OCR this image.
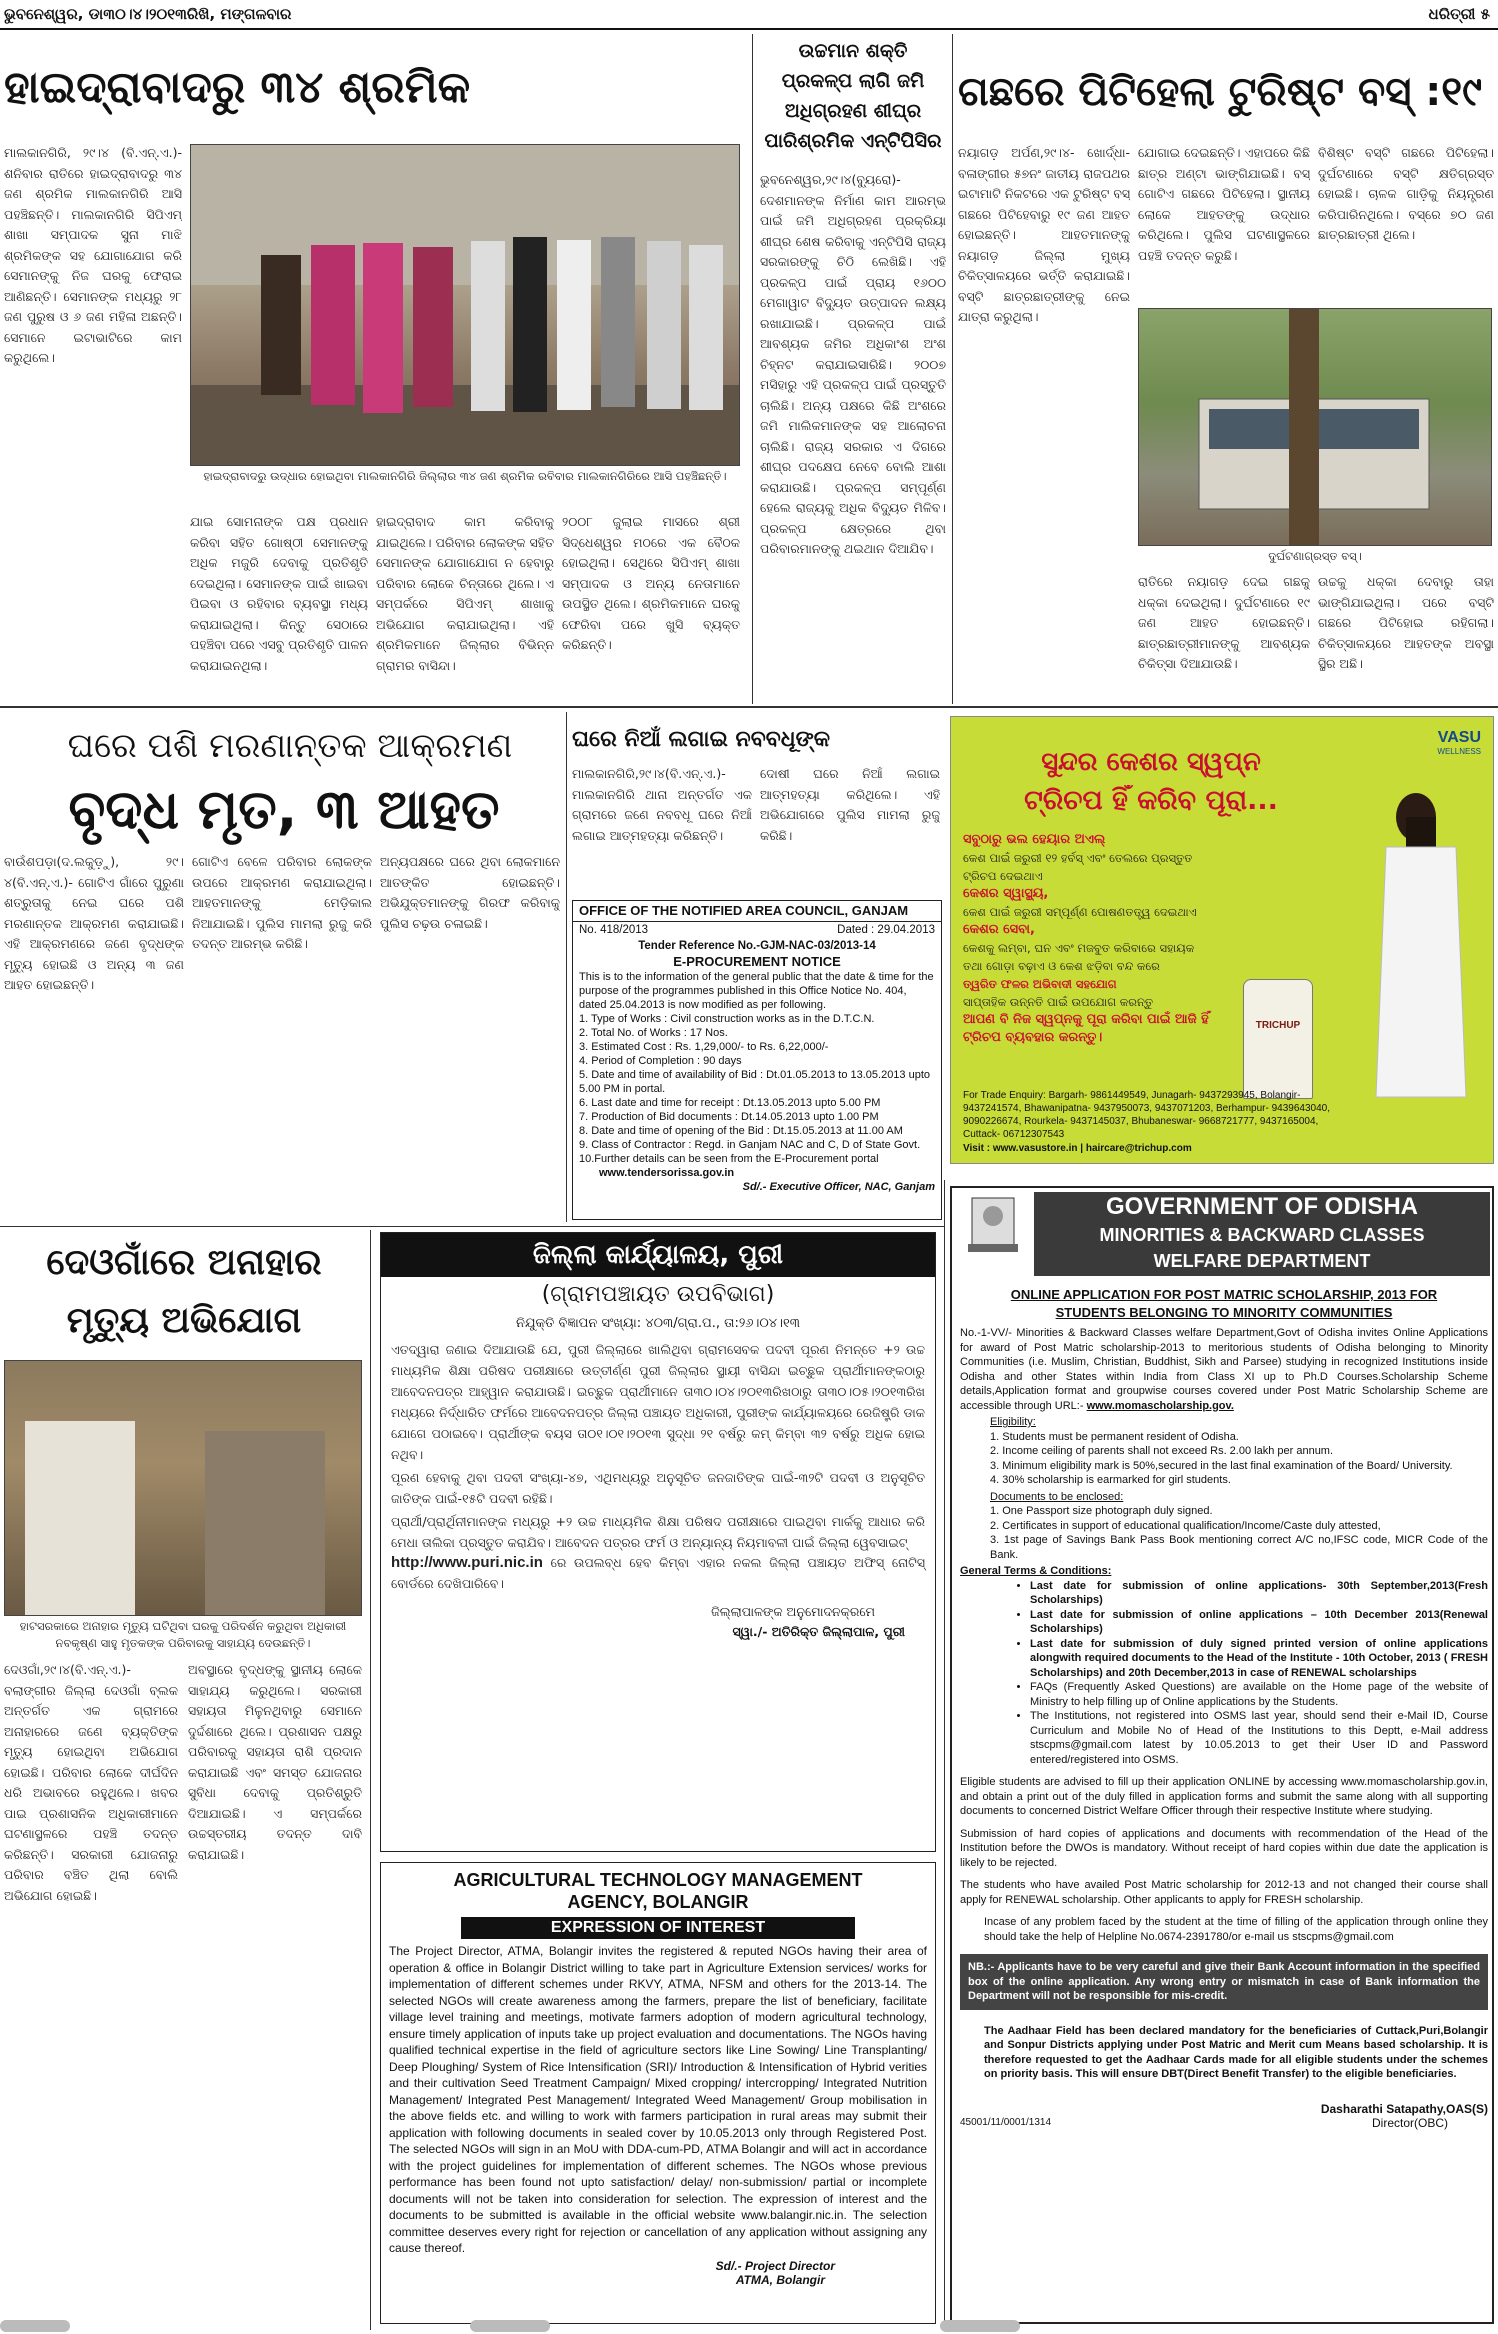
ଭୁବନେଶ୍ୱର, ଡା୩୦।୪।୨୦୧୩ରିଖି, ମଙ୍ଗଳବାର	ଧରିତ୍ରୀ ୫
ହାଇଦ୍ରାବାଦରୁ ୩୪ ଶ୍ରମିକ
ମାଲକାନଗିରି, ୨୯।୪ (ବି.ଏନ୍.ଏ.)- ଶନିବାର ରାତିରେ ହାଇଦ୍ରାବାଦରୁ ୩୪ ଜଣ ଶ୍ରମିକ ମାଲକାନଗିରି ଆସି ପହଞ୍ଚିଛନ୍ତି। ମାଲକାନଗିରି ସିପିଏମ୍ ଶାଖା ସମ୍ପାଦକ ସୁନା ମାଝି ଶ୍ରମିକଙ୍କ ସହ ଯୋଗାଯୋଗ କରି ସେମାନଙ୍କୁ ନିଜ ଘରକୁ ଫେରାଇ ଆଣିଛନ୍ତି। ସେମାନଙ୍କ ମଧ୍ୟରୁ ୨୮ ଜଣ ପୁରୁଷ ଓ ୬ ଜଣ ମହିଳା ଅଛନ୍ତି। ସେମାନେ ଇଟାଭାଟିରେ କାମ କରୁଥିଲେ।
ହାଇଦ୍ରାବାଦରୁ ଉଦ୍ଧାର ହୋଇଥିବା ମାଲକାନଗିରି ଜିଲ୍ଲାର ୩୪ ଜଣ ଶ୍ରମିକ ରବିବାର ମାଲକାନଗିରିରେ ଆସି ପହଞ୍ଚିଛନ୍ତି।
ଯାଇ ସୋମନାଙ୍କ ପକ୍ଷ ପ୍ରଧାନ କରିବା ସହିତ ଗୋଷ୍ଠୀ ସେମାନଙ୍କୁ ଅଧିକ ମଜୁରି ଦେବାକୁ ପ୍ରତିଶୃତି ଦେଇଥିଲା। ସେମାନଙ୍କ ପାଇଁ ଖାଇବା ପିଇବା ଓ ରହିବାର ବ୍ୟବସ୍ଥା ମଧ୍ୟ କରାଯାଇଥିଲା। କିନ୍ତୁ ସେଠାରେ ପହଞ୍ଚିବା ପରେ ଏସବୁ ପ୍ରତିଶୃତି ପାଳନ କରାଯାଇନଥିଲା।
ହାଇଦ୍ରାବାଦ କାମ କରିବାକୁ ଯାଇଥିଲେ। ପରିବାର ଲୋକଙ୍କ ସହିତ ସେମାନଙ୍କ ଯୋଗାଯୋଗ ନ ହେବାରୁ ପରିବାର ଲୋକେ ଚିନ୍ତାରେ ଥିଲେ। ଏ ସମ୍ପର୍କରେ ସିପିଏମ୍ ଶାଖାକୁ ଅଭିଯୋଗ କରାଯାଇଥିଲା। ଏହି ଶ୍ରମିକମାନେ ଜିଲ୍ଲାର ବିଭିନ୍ନ ଗ୍ରାମର ବାସିନ୍ଦା।
୨୦୦୮ ଜୁଲାଇ ମାସରେ ଶ୍ରୀ ସିଦ୍ଧେଶ୍ୱର ମଠରେ ଏକ ବୈଠକ ହୋଇଥିଲା। ସେଥିରେ ସିପିଏମ୍ ଶାଖା ସମ୍ପାଦକ ଓ ଅନ୍ୟ ନେତାମାନେ ଉପସ୍ଥିତ ଥିଲେ। ଶ୍ରମିକମାନେ ଘରକୁ ଫେରିବା ପରେ ଖୁସି ବ୍ୟକ୍ତ କରିଛନ୍ତି।
ଉଚ୍ଚମାନ ଶକ୍ତି ପ୍ରକଳ୍ପ ଲାଗି ଜମି ଅଧିଗ୍ରହଣ ଶୀଘ୍ର ପାରିଶ୍ରମିକ ଏନ୍ଟିପିସିର
ଭୁବନେଶ୍ୱର,୨୯।୪(ବ୍ୟୁରୋ)- ଦେଶମାନଙ୍କ ନିର୍ମାଣ କାମ ଆରମ୍ଭ ପାଇଁ ଜମି ଅଧିଗ୍ରହଣ ପ୍ରକ୍ରିୟା ଶୀଘ୍ର ଶେଷ କରିବାକୁ ଏନ୍ଟିପିସି ରାଜ୍ୟ ସରକାରଙ୍କୁ ଚିଠି ଲେଖିଛି। ଏହି ପ୍ରକଳ୍ପ ପାଇଁ ପ୍ରାୟ ୧୬୦୦ ମେଗାୱାଟ ବିଦ୍ୟୁତ ଉତ୍ପାଦନ ଲକ୍ଷ୍ୟ ରଖାଯାଇଛି। ପ୍ରକଳ୍ପ ପାଇଁ ଆବଶ୍ୟକ ଜମିର ଅଧିକାଂଶ ଅଂଶ ଚିହ୍ନଟ କରାଯାଇସାରିଛି। ୨୦୦୭ ମସିହାରୁ ଏହି ପ୍ରକଳ୍ପ ପାଇଁ ପ୍ରସ୍ତୁତି ଚାଲିଛି। ଅନ୍ୟ ପକ୍ଷରେ କିଛି ଅଂଶରେ ଜମି ମାଲିକମାନଙ୍କ ସହ ଆଲୋଚନା ଚାଲିଛି। ରାଜ୍ୟ ସରକାର ଏ ଦିଗରେ ଶୀଘ୍ର ପଦକ୍ଷେପ ନେବେ ବୋଲି ଆଶା କରାଯାଉଛି। ପ୍ରକଳ୍ପ ସମ୍ପୂର୍ଣ୍ଣ ହେଲେ ରାଜ୍ୟକୁ ଅଧିକ ବିଦ୍ୟୁତ ମିଳିବ। ପ୍ରକଳ୍ପ କ୍ଷେତ୍ରରେ ଥିବା ପରିବାରମାନଙ୍କୁ ଥଇଥାନ ଦିଆଯିବ।
ଗଛରେ ପିଟିହେଲା ଟୁରିଷ୍ଟ ବସ୍ :୧୯
ନୟାଗଡ଼ ଅର୍ପଣ,୨୯।୪- ଖୋର୍ଦ୍ଧା-ବଳାଙ୍ଗୀର ୫୭ନଂ ଜାତୀୟ ରାଜପଥର ଇଟାମାଟି ନିକଟରେ ଏକ ଟୁରିଷ୍ଟ ବସ୍ ଗଛରେ ପିଟିହେବାରୁ ୧୯ ଜଣ ଆହତ ହୋଇଛନ୍ତି। ଆହତମାନଙ୍କୁ ନୟାଗଡ଼ ଜିଲ୍ଲା ମୁଖ୍ୟ ଚିକିତ୍ସାଳୟରେ ଭର୍ତ୍ତି କରାଯାଇଛି। ବସ୍ଟି ଛାତ୍ରଛାତ୍ରୀଙ୍କୁ ନେଇ ଯାତ୍ରା କରୁଥିଲା।
ଯୋଗାଇ ଦେଇଛନ୍ତି। ଏହାପରେ କିଛି ଛାତ୍ର ଅଣ୍ଟା ଭାଙ୍ଗିଯାଇଛି। ବସ୍ ଗୋଟିଏ ଗଛରେ ପିଟିହେଲା। ସ୍ଥାନୀୟ ଲୋକେ ଆହତଙ୍କୁ ଉଦ୍ଧାର କରିଥିଲେ। ପୁଲିସ ଘଟଣାସ୍ଥଳରେ ପହଞ୍ଚି ତଦନ୍ତ କରୁଛି।
ବିଶିଷ୍ଟ ବସ୍ଟି ଗଛରେ ପିଟିହେଲା। ଦୁର୍ଘଟଣାରେ ବସ୍ଟି କ୍ଷତିଗ୍ରସ୍ତ ହୋଇଛି। ଚାଳକ ଗାଡ଼ିକୁ ନିୟନ୍ତ୍ରଣ କରିପାରିନଥିଲେ। ବସ୍ରେ ୭୦ ଜଣ ଛାତ୍ରଛାତ୍ରୀ ଥିଲେ।
ଦୁର୍ଘଟଣାଗ୍ରସ୍ତ ବସ୍।
ରାତିରେ ନୟାଗଡ଼ ଦେଇ ଗଛକୁ ଧକ୍କା ଦେଇଥିଲା। ଦୁର୍ଘଟଣାରେ ୧୯ ଜଣ ଆହତ ହୋଇଛନ୍ତି। ଛାତ୍ରଛାତ୍ରୀମାନଙ୍କୁ ଆବଶ୍ୟକ ଚିକିତ୍ସା ଦିଆଯାଉଛି।
ଉଚ୍ଚକୁ ଧକ୍କା ଦେବାରୁ ତାହା ଭାଙ୍ଗିଯାଇଥିଲା। ପରେ ବସ୍ଟି ଗଛରେ ପିଟିହୋଇ ରହିଗଲା। ଚିକିତ୍ସାଳୟରେ ଆହତଙ୍କ ଅବସ୍ଥା ସ୍ଥିର ଅଛି।
ଘରେ ପଶି ମରଣାନ୍ତକ ଆକ୍ରମଣ
ବୃଦ୍ଧ ମୃତ, ୩ ଆହତ
ବାଉଁଶପଡ଼ା(ଦ.ଲକୁଡ଼ୁ), ୨୯।୪(ବି.ଏନ୍.ଏ.)- ଗୋଟିଏ ଗାଁରେ ପୁରୁଣା ଶତ୍ରୁତାକୁ ନେଇ ଘରେ ପଶି ମରଣାନ୍ତକ ଆକ୍ରମଣ କରାଯାଇଛି। ଏହି ଆକ୍ରମଣରେ ଜଣେ ବୃଦ୍ଧଙ୍କ ମୃତ୍ୟୁ ହୋଇଛି ଓ ଅନ୍ୟ ୩ ଜଣ ଆହତ ହୋଇଛନ୍ତି।
ଗୋଟିଏ ବେଳେ ପରିବାର ଲୋକଙ୍କ ଉପରେ ଆକ୍ରମଣ କରାଯାଇଥିଲା। ଆହତମାନଙ୍କୁ ମେଡ଼ିକାଲ ନିଆଯାଇଛି। ପୁଲିସ ମାମଲା ରୁଜୁ କରି ତଦନ୍ତ ଆରମ୍ଭ କରିଛି।
ଅନ୍ୟପକ୍ଷରେ ଘରେ ଥିବା ଲୋକମାନେ ଆତଙ୍କିତ ହୋଇଛନ୍ତି। ଅଭିଯୁକ୍ତମାନଙ୍କୁ ଗିରଫ କରିବାକୁ ପୁଲିସ ଚଢ଼ଉ ଚଳାଇଛି।
ଘରେ ନିଆଁ ଲଗାଇ ନବବଧୂଙ୍କ
ମାଲକାନଗିରି,୨୯।୪(ବି.ଏନ୍.ଏ.)- ମାଲକାନଗିରି ଥାନା ଅନ୍ତର୍ଗତ ଏକ ଗ୍ରାମରେ ଜଣେ ନବବଧୂ ଘରେ ନିଆଁ ଲଗାଇ ଆତ୍ମହତ୍ୟା କରିଛନ୍ତି।
ଦୋଷୀ ଘରେ ନିଆଁ ଲଗାଇ ଆତ୍ମହତ୍ୟା କରିଥିଲେ। ଏହି ଅଭିଯୋଗରେ ପୁଲିସ ମାମଲା ରୁଜୁ କରିଛି।
OFFICE OF THE NOTIFIED AREA COUNCIL, GANJAM
No. 418/2013	Dated : 29.04.2013
Tender Reference No.-GJM-NAC-03/2013-14
E-PROCUREMENT NOTICE
This is to the information of the general public that the date & time for the purpose of the programmes published in this Office Notice No. 404, dated 25.04.2013 is now modified as per following.
1. Type of Works : Civil construction works as in the D.T.C.N.
2. Total No. of Works : 17 Nos.
3. Estimated Cost : Rs. 1,29,000/- to Rs. 6,22,000/-
4. Period of Completion : 90 days
5. Date and time of availability of Bid : Dt.01.05.2013 to 13.05.2013 upto 5.00 PM in portal.
6. Last date and time for receipt : Dt.13.05.2013 upto 5.00 PM
7. Production of Bid documents : Dt.14.05.2013 upto 1.00 PM
8. Date and time of opening of the Bid : Dt.15.05.2013 at 11.00 AM
9. Class of Contractor : Regd. in Ganjam NAC and C, D of State Govt.
10.Further details can be seen from the E-Procurement portal
www.tendersorissa.gov.in
Sd/.- Executive Officer, NAC, Ganjam
VASU
WELLNESS
ସୁନ୍ଦର କେଶର ସ୍ୱପ୍ନ
ଟ୍ରିଚପ ହିଁ କରିବ ପୂରା...
ସବୁଠାରୁ ଭଲ ହେୟାର ଅଏଲ୍
କେଶ ପାଇଁ ଜରୁରୀ ୧୨ ହର୍ବସ୍ ଏବଂ ତେଲରେ ପ୍ରସ୍ତୁତ
ଟ୍ରିଚପ ଦେଇଥାଏ
କେଶର ସ୍ୱାସ୍ଥ୍ୟ,
କେଶ ପାଇଁ ଜରୁରୀ ସମ୍ପୂର୍ଣ୍ଣ ପୋଷଣତତ୍ତ୍ୱ ଦେଇଥାଏ
କେଶର ସେବା,
କେଶକୁ ଲମ୍ବା, ଘନ ଏବଂ ମଜବୁତ କରିବାରେ ସହାୟକ
ତଥା ଗୋଡ଼ା ବଢ଼ାଏ ଓ କେଶ ଝଡ଼ିବା ବନ୍ଦ କରେ
ତ୍ୱରିତ ଫଳର ଅଭିବାଦୀ ସହଯୋଗ
ସାପ୍ତାହିକ ଉନ୍ନତି ପାଇଁ ଉପଯୋଗ କରନ୍ତୁ
ଆପଣ ବି ନିଜ ସ୍ୱପ୍ନକୁ ପୂରା କରିବା ପାଇଁ ଆଜି ହିଁ
ଟ୍ରିଚପ ବ୍ୟବହାର କରନ୍ତୁ।
TRICHUP
For Trade Enquiry: Bargarh- 9861449549, Junagarh- 9437293945, Bolangir- 9437241574, Bhawanipatna- 9437950073, 9437071203, Berhampur- 9439643040, 9090226674, Rourkela- 9437145037, Bhubaneswar- 9668721777, 9437165004, Cuttack- 06712307543
Visit : www.vasustore.in | haircare@trichup.com
ଦେଓଗାଁରେ ଅନାହାର ମୃତ୍ୟୁ ଅଭିଯୋଗ
ହାଟସରକାରେ ଅନାହାର ମୃତ୍ୟୁ ଘଟିଥିବା ଘରକୁ ପରିଦର୍ଶନ କରୁଥିବା ଅଧିକାରୀ ନବକୃଷ୍ଣ ସାହୁ ମୃତକଙ୍କ ପରିବାରକୁ ସାହାଯ୍ୟ ଦେଉଛନ୍ତି।
ଦେଓଗାଁ,୨୯।୪(ବି.ଏନ୍.ଏ.)- ବଲାଙ୍ଗୀର ଜିଲ୍ଲା ଦେଓଗାଁ ବ୍ଲକ ଅନ୍ତର୍ଗତ ଏକ ଗ୍ରାମରେ ଅନାହାରରେ ଜଣେ ବ୍ୟକ୍ତିଙ୍କ ମୃତ୍ୟୁ ହୋଇଥିବା ଅଭିଯୋଗ ହୋଇଛି। ପରିବାର ଲୋକେ ଦୀର୍ଘଦିନ ଧରି ଅଭାବରେ ରହୁଥିଲେ। ଖବର ପାଇ ପ୍ରଶାସନିକ ଅଧିକାରୀମାନେ ଘଟଣାସ୍ଥଳରେ ପହଞ୍ଚି ତଦନ୍ତ କରିଛନ୍ତି। ସରକାରୀ ଯୋଜନାରୁ ପରିବାର ବଞ୍ଚିତ ଥିଲା ବୋଲି ଅଭିଯୋଗ ହୋଇଛି।
ଅବସ୍ଥାରେ ବୃଦ୍ଧଙ୍କୁ ସ୍ଥାନୀୟ ଲୋକେ ସାହାଯ୍ୟ କରୁଥିଲେ। ସରକାରୀ ସହାୟତା ମିଳୁନଥିବାରୁ ସେମାନେ ଦୁର୍ଦ୍ଦଶାରେ ଥିଲେ। ପ୍ରଶାସନ ପକ୍ଷରୁ ପରିବାରକୁ ସହାୟତା ରାଶି ପ୍ରଦାନ କରାଯାଇଛି ଏବଂ ସମସ୍ତ ଯୋଜନାର ସୁବିଧା ଦେବାକୁ ପ୍ରତିଶ୍ରୁତି ଦିଆଯାଇଛି। ଏ ସମ୍ପର୍କରେ ଉଚ୍ଚସ୍ତରୀୟ ତଦନ୍ତ ଦାବି କରାଯାଇଛି।
ଜିଲ୍ଲା କାର୍ଯ୍ୟାଳୟ, ପୁରୀ
(ଗ୍ରାମପଞ୍ଚାୟତ ଉପବିଭାଗ)
ନିଯୁକ୍ତି ବିଜ୍ଞାପନ ସଂଖ୍ୟା: ୪୦୩/ଗ୍ରା.ପ., ତା:୨୬।୦୪।୧୩
ଏତଦ୍ୱାରା ଜଣାଇ ଦିଆଯାଉଛି ଯେ, ପୁରୀ ଜିଲ୍ଲାରେ ଖାଲିଥିବା ଗ୍ରାମସେବକ ପଦବୀ ପୂରଣ ନିମନ୍ତେ +୨ ଉଚ୍ଚ ମାଧ୍ୟମିକ ଶିକ୍ଷା ପରିଷଦ ପରୀକ୍ଷାରେ ଉତ୍ତୀର୍ଣ୍ଣ ପୁରୀ ଜିଲ୍ଲାର ସ୍ଥାୟୀ ବାସିନ୍ଦା ଇଚ୍ଛୁକ ପ୍ରାର୍ଥୀମାନଙ୍କଠାରୁ ଆବେଦନପତ୍ର ଆହ୍ୱାନ କରାଯାଉଛି। ଇଚ୍ଛୁକ ପ୍ରାର୍ଥୀମାନେ ତା୩୦।୦୪।୨୦୧୩ରିଖଠାରୁ ତା୩୦।୦୫।୨୦୧୩ରିଖ ମଧ୍ୟରେ ନିର୍ଦ୍ଧାରିତ ଫର୍ମରେ ଆବେଦନପତ୍ର ଜିଲ୍ଲା ପଞ୍ଚାୟତ ଅଧିକାରୀ, ପୁରୀଙ୍କ କାର୍ଯ୍ୟାଳୟରେ ରେଜିଷ୍ଟ୍ରି ଡାକ ଯୋଗେ ପଠାଇବେ। ପ୍ରାର୍ଥୀଙ୍କ ବୟସ ତା୦୧।୦୧।୨୦୧୩ ସୁଦ୍ଧା ୨୧ ବର୍ଷରୁ କମ୍ କିମ୍ବା ୩୨ ବର୍ଷରୁ ଅଧିକ ହୋଇ ନଥିବ।
ପୂରଣ ହେବାକୁ ଥିବା ପଦବୀ ସଂଖ୍ୟା-୪୭, ଏଥିମଧ୍ୟରୁ ଅନୁସୂଚିତ ଜନଜାତିଙ୍କ ପାଇଁ-୩୨ଟି ପଦବୀ ଓ ଅନୁସୂଚିତ ଜାତିଙ୍କ ପାଇଁ-୧୫ଟି ପଦବୀ ରହିଛି।
ପ୍ରାର୍ଥୀ/ପ୍ରାର୍ଥିନୀମାନଙ୍କ ମଧ୍ୟରୁ +୨ ଉଚ୍ଚ ମାଧ୍ୟମିକ ଶିକ୍ଷା ପରିଷଦ ପରୀକ୍ଷାରେ ପାଇଥିବା ମାର୍କକୁ ଆଧାର କରି ମେଧା ତାଲିକା ପ୍ରସ୍ତୁତ କରାଯିବ। ଆବେଦନ ପତ୍ରର ଫର୍ମ ଓ ଅନ୍ୟାନ୍ୟ ନିୟମାବଳୀ ପାଇଁ ଜିଲ୍ଲା ୱେବସାଇଟ୍
http://www.puri.nic.in ରେ ଉପଲବ୍ଧ ହେବ କିମ୍ବା ଏହାର ନକଲ ଜିଲ୍ଲା ପଞ୍ଚାୟତ ଅଫିସ୍ ନୋଟିସ୍ ବୋର୍ଡରେ ଦେଖିପାରିବେ।
ଜିଲ୍ଲାପାଳଙ୍କ ଅନୁମୋଦନକ୍ରମେ
ସ୍ୱା./- ଅତିରିକ୍ତ ଜିଲ୍ଲାପାଳ, ପୁରୀ
AGRICULTURAL TECHNOLOGY MANAGEMENT
AGENCY, BOLANGIR
EXPRESSION OF INTEREST
The Project Director, ATMA, Bolangir invites the registered & reputed NGOs having their area of operation & office in Bolangir District willing to take part in Agriculture Extension services/ works for implementation of different schemes under RKVY, ATMA, NFSM and others for the 2013-14. The selected NGOs will create awareness among the farmers, prepare the list of beneficiary, facilitate village level training and meetings, motivate farmers adoption of modern agricultural technology, ensure timely application of inputs take up project evaluation and documentations. The NGOs having qualified technical expertise in the field of agriculture sectors like Line Sowing/ Line Transplanting/ Deep Ploughing/ System of Rice Intensification (SRI)/ Introduction & Intensification of Hybrid verities and their cultivation Seed Treatment Campaign/ Mixed cropping/ intercropping/ Integrated Nutrition Management/ Integrated Pest Management/ Integrated Weed Management/ Group mobilisation in the above fields etc. and willing to work with farmers participation in rural areas may submit their application with following documents in sealed cover by 10.05.2013 only through Registered Post. The selected NGOs will sign in an MoU with DDA-cum-PD, ATMA Bolangir and will act in accordance with the project guidelines for implementation of different schemes. The NGOs whose previous performance has been found not upto satisfaction/ delay/ non-submission/ partial or incomplete documents will not be taken into consideration for selection. The expression of interest and the documents to be submitted is available in the official website www.balangir.nic.in. The selection committee deserves every right for rejection or cancellation of any application without assigning any cause thereof.
Sd/.- Project Director
ATMA, Bolangir
GOVERNMENT OF ODISHA
MINORITIES & BACKWARD CLASSES
WELFARE DEPARTMENT
ONLINE APPLICATION FOR POST MATRIC SCHOLARSHIP, 2013 FOR
STUDENTS BELONGING TO MINORITY COMMUNITIES
No.-1-VV/- Minorities & Backward Classes welfare Department,Govt of Odisha invites Online Applications for award of Post Matric scholarship-2013 to meritorious students of Odisha belonging to Minority Communities (i.e. Muslim, Christian, Buddhist, Sikh and Parsee) studying in recognized Institutions inside Odisha and other States within India from Class XI up to Ph.D Courses.Scholarship Scheme details,Application format and groupwise courses covered under Post Matric Scholarship Scheme are accessible through URL:- www.momascholarship.gov.
Eligibility:
1. Students must be permanent resident of Odisha.
2. Income ceiling of parents shall not exceed Rs. 2.00 lakh per annum.
3. Minimum eligibility mark is 50%,secured in the last final examination of the Board/ University.
4. 30% scholarship is earmarked for girl students.
Documents to be enclosed:
1. One Passport size photograph duly signed.
2. Certificates in support of educational qualification/Income/Caste duly attested,
3. 1st page of Savings Bank Pass Book mentioning correct A/C no,IFSC code, MICR Code of the Bank.
General Terms & Conditions:
• Last date for submission of online applications- 30th September,2013(Fresh Scholarships)
• Last date for submission of online applications – 10th December 2013(Renewal Scholarships)
• Last date for submission of duly signed printed version of online applications alongwith required documents to the Head of the Institute - 10th October, 2013 ( FRESH Scholarships) and 20th December,2013 in case of RENEWAL scholarships
• FAQs (Frequently Asked Questions) are available on the Home page of the website of Ministry to help filling up of Online applications by the Students.
• The Institutions, not registered into OSMS last year, should send their e-Mail ID, Course Curriculum and Mobile No of Head of the Institutions to this Deptt, e-Mail address stscpms@gmail.com latest by 10.05.2013 to get their User ID and Password entered/registered into OSMS.
Eligible students are advised to fill up their application ONLINE by accessing www.momascholarship.gov.in, and obtain a print out of the duly filled in application forms and submit the same along with all supporting documents to concerned District Welfare Officer through their respective Institute where studying.
Submission of hard copies of applications and documents with recommendation of the Head of the Institution before the DWOs is mandatory. Without receipt of hard copies within due date the application is likely to be rejected.
The students who have availed Post Matric scholarship for 2012-13 and not changed their course shall apply for RENEWAL scholarship. Other applicants to apply for FRESH scholarship.
Incase of any problem faced by the student at the time of filling of the application through online they should take the help of Helpline No.0674-2391780/or e-mail us stscpms@gmail.com
NB.:- Applicants have to be very careful and give their Bank Account information in the specified box of the online application. Any wrong entry or mismatch in case of Bank information the Department will not be responsible for mis-credit.
The Aadhaar Field has been declared mandatory for the beneficiaries of Cuttack,Puri,Bolangir and Sonpur Districts applying under Post Matric and Merit cum Means based scholarship. It is therefore requested to get the Aadhaar Cards made for all eligible students under the schemes on priority basis. This will ensure DBT(Direct Benefit Transfer) to the eligible beneficiaries.
Dasharathi Satapathy,OAS(S)
45001/11/0001/1314	Director(OBC)
